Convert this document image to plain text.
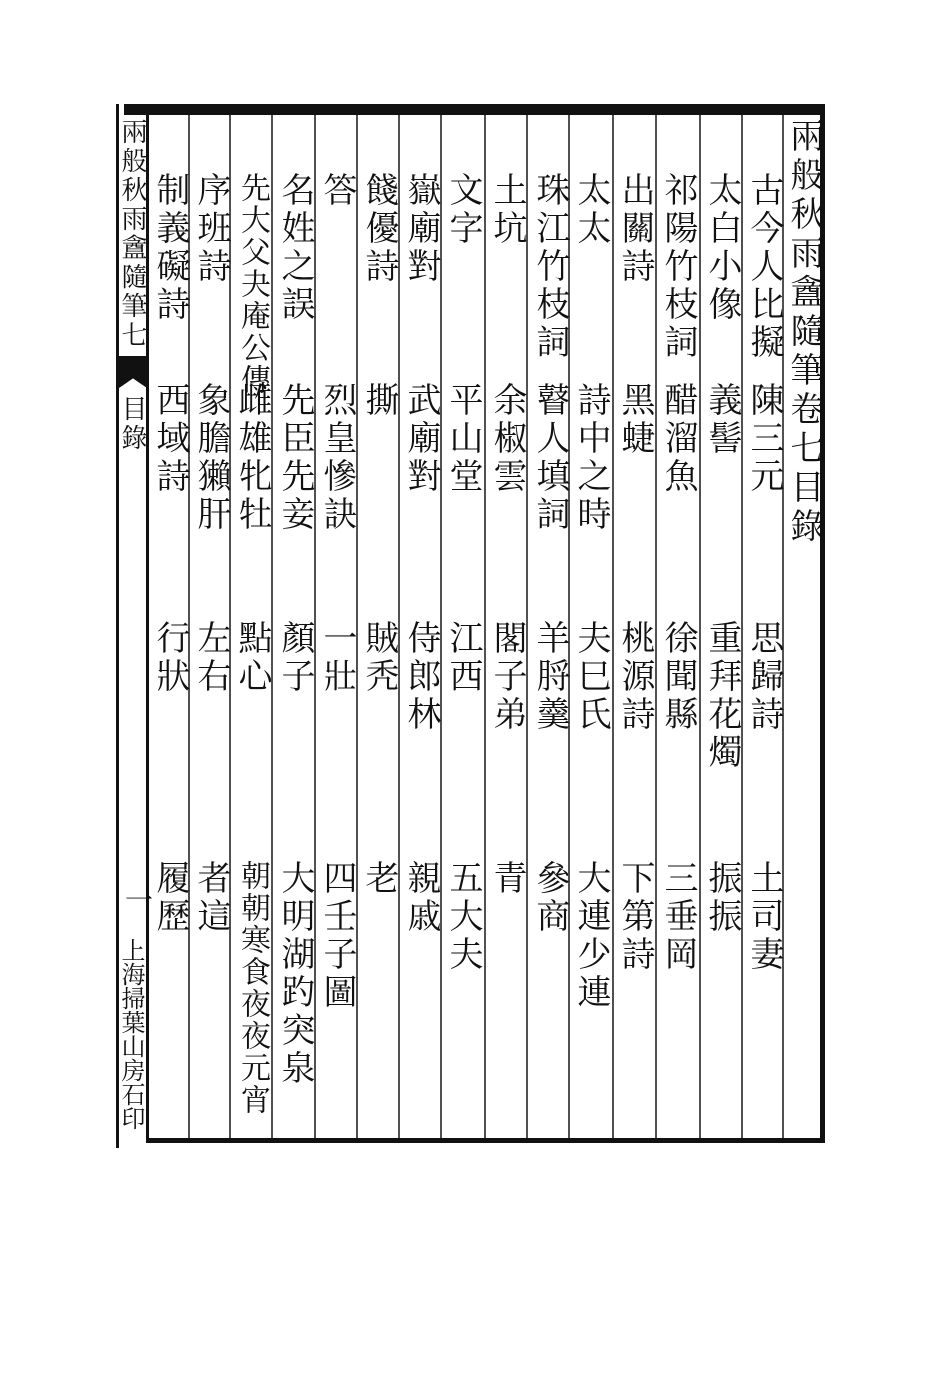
兩般秋雨盦隨筆卷七目錄
兩般秋雨盦隨筆七
目錄
一
上海掃葉山房石印
古今人比擬
陳三元
思歸詩
土司妻
太白小像
義髻
重拜花燭
振振
祁陽竹枝詞
醋溜魚
徐聞縣
三垂岡
出關詩
黑蜨
桃源詩
下第詩
太太
詩中之時
夫巳氏
大連少連
珠江竹枝詞
瞽人填詞
羊脟羹
參商
土坑
余椒雲
閣子弟
青
文字
平山堂
江西
五大夫
嶽廟對
武廟對
侍郎林
親戚
餞優詩
撕
賊秃
老
答
烈皇慘訣
一壯
四壬子圖
名姓之誤
先臣先妾
顏子
大明湖趵突泉
先大父夬庵公傳
雌雄牝牡
點心
朝朝寒食夜夜元宵
序班詩
象膽獺肝
左右
者這
制義礙詩
西域詩
行狀
履歷
